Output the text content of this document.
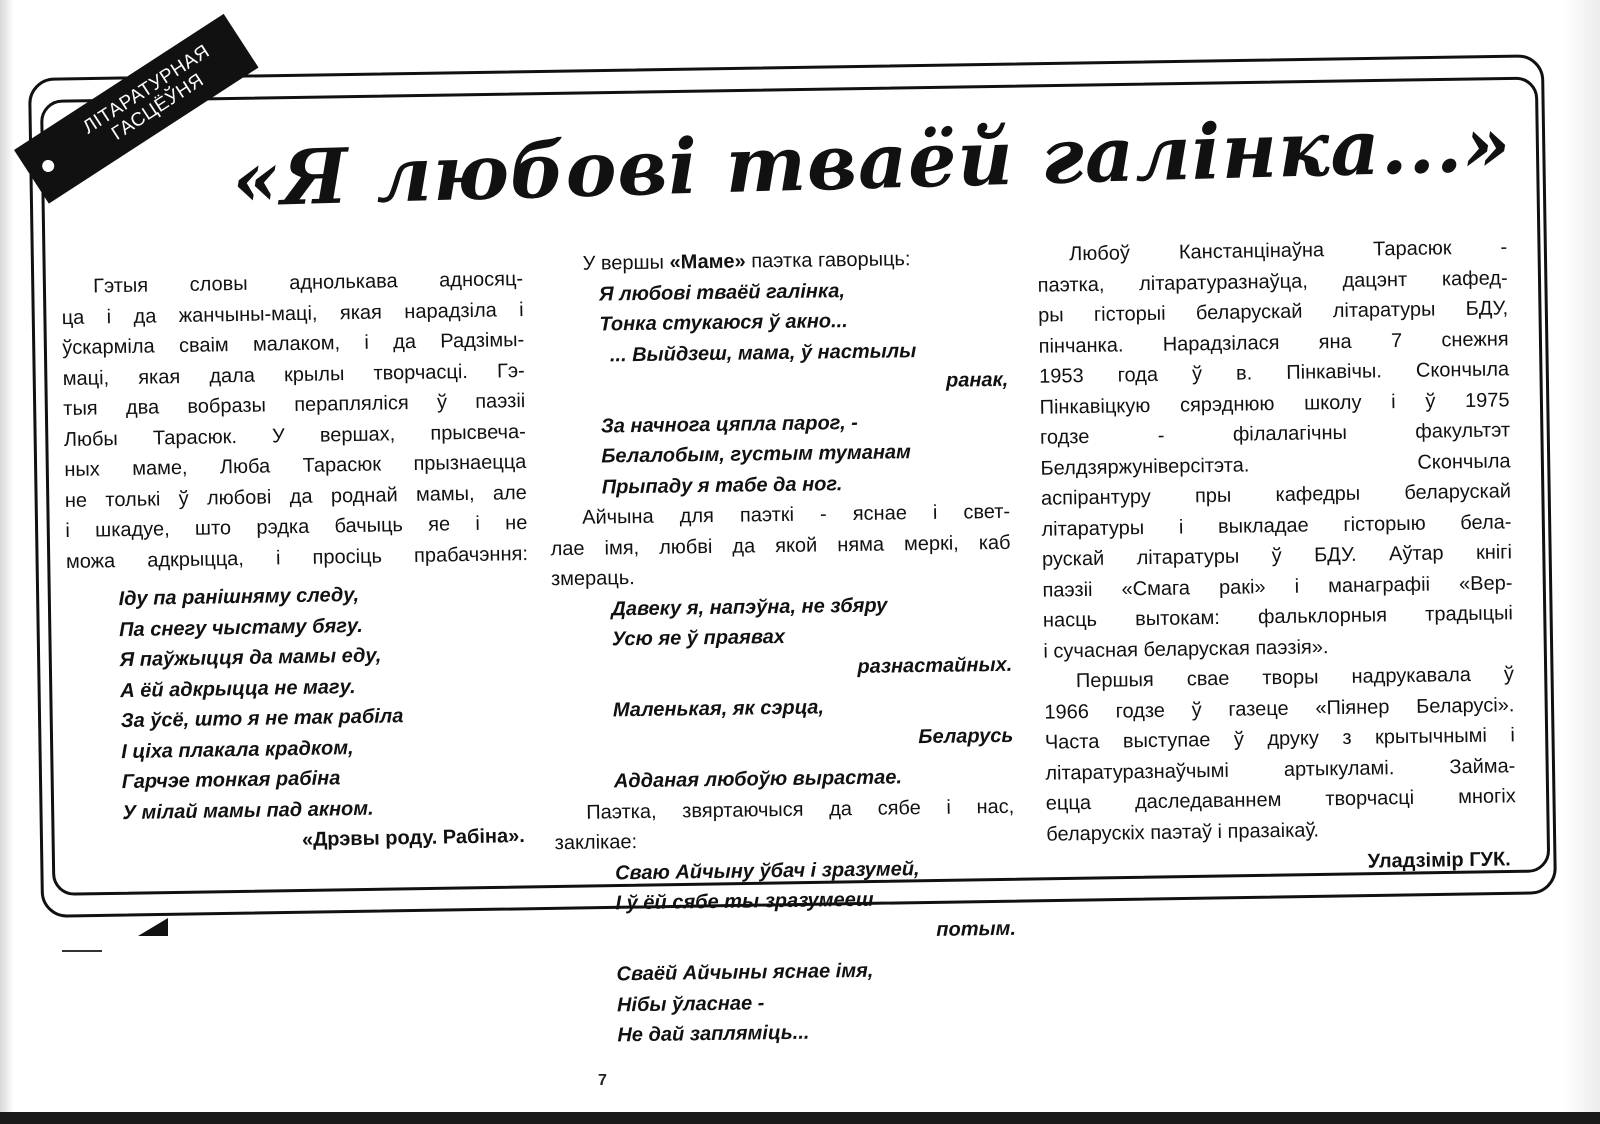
ЛІТАРАТУРНАЯ ГАСЦЁЎНЯ «Я любові тваёй галінка...»
Гэтыя словы аднолькава адносяц-
ца і да жанчыны-маці, якая нарадзіла і
ўскарміла сваім малаком, і да Радзімы-
маці, якая дала крылы творчасці. Гэ-
тыя два вобразы перапляліся ў паэзіі
Любы Тарасюк. У вершах, прысвеча-
ных маме, Люба Тарасюк прызнаецца
не толькі ў любові да роднай мамы, але
і шкадуе, што рэдка бачыць яе і не
можа адкрыцца, і просіць прабачэння:
Іду па ранішняму следу,
Па снегу чыстаму бягу.
Я паўжыцця да мамы еду,
А ёй адкрыцца не магу.
За ўсё, што я не так рабіла
І ціха плакала крадком,
Гарчэе тонкая рабіна
У мілай мамы пад акном.
«Дрэвы роду. Рабіна».
У вершы «Маме» паэтка гаворыць:
Я любові тваёй галінка,
Тонка стукаюся ў акно...
... Выйдзеш, мама, ў настылы
ранак,
За начнога цяпла парог, -
Белалобым, густым туманам
Прыпаду я табе да ног.
Айчына для паэткі - яснае і свет-
лае імя, любві да якой няма меркі, каб
змераць.
Давеку я, напэўна, не збяру
Усю яе ў праявах
разнастайных.
Маленькая, як сэрца,
Беларусь
Адданая любоўю вырастае.
Паэтка, звяртаючыся да сябе і нас,
заклікае:
Сваю Айчыну ўбач і зразумей,
І ў ёй сябе ты зразумееш
потым.
Сваёй Айчыны яснае імя,
Нібы ўласнае -
Не дай запляміць...
Любоў Канстанцінаўна Тарасюк -
паэтка, літаратуразнаўца, дацэнт кафед-
ры гісторыі беларускай літаратуры БДУ,
пінчанка. Нарадзілася яна 7 снежня
1953 года ў в. Пінкавічы. Скончыла
Пінкавіцкую сярэднюю школу і ў 1975
годзе - філалагічны факультэт
Белдзяржуніверсітэта. Скончыла
аспірантуру пры кафедры беларускай
літаратуры і выкладае гісторыю бела-
рускай літаратуры ў БДУ. Аўтар кнігі
паэзіі «Смага ракі» і манаграфіі «Вер-
насць вытокам: фальклорныя традыцыі
і сучасная беларуская паэзія».
Першыя свае творы надрукавала ў
1966 годзе ў газеце «Піянер Беларусі».
Часта выступае ў друку з крытычнымі і
літаратуразнаўчымі артыкуламі. Займа-
ецца даследаваннем творчасці многіх
беларускіх паэтаў і празаікаў.
Уладзімір ГУК.
7
